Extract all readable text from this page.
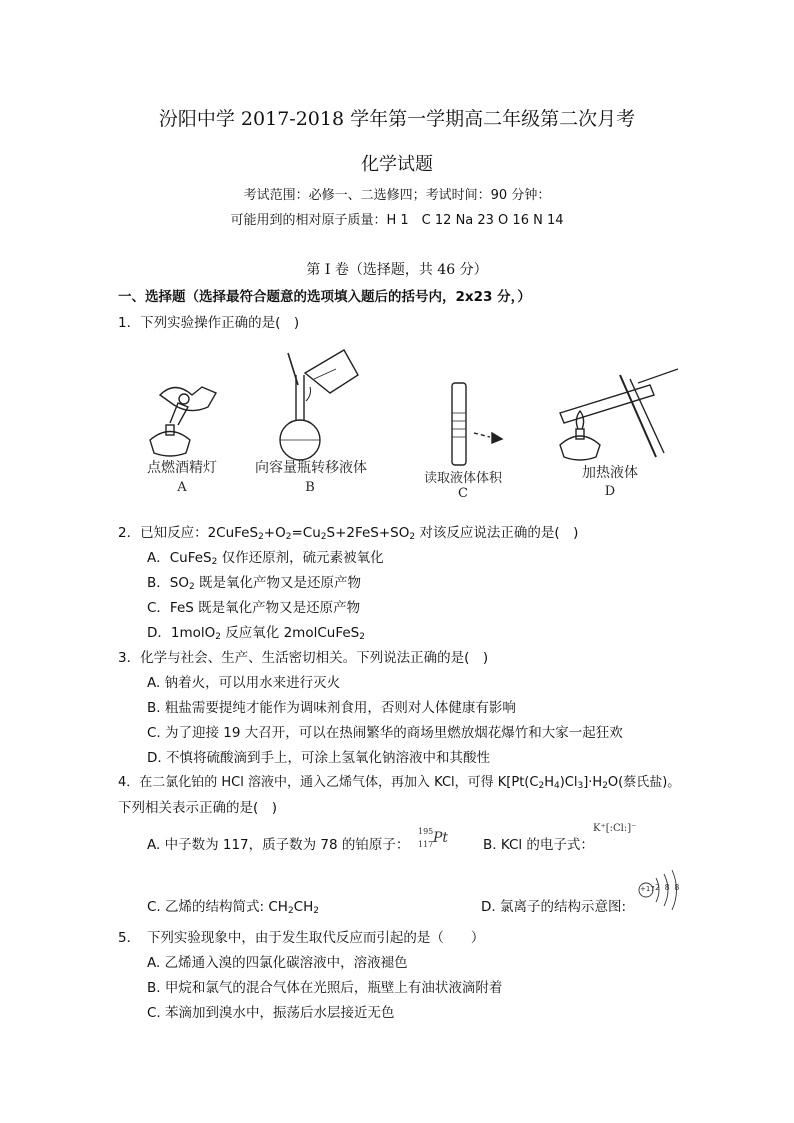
汾阳中学 2017-2018 学年第一学期高二年级第二次月考
化学试题
考试范围：必修一、二选修四；考试时间：90 分钟：
可能用到的相对原子质量：H 1　C 12 Na 23 O 16 N 14
第 I 卷（选择题，共 46 分）
一、选择题（选择最符合题意的选项填入题后的括号内，2x23 分，）
1．下列实验操作正确的是(　)
点燃酒精灯	向容量瓶转移液体
读取液体体积	加热液体
A	B	C	D
2．已知反应：$2CuFeS_2+O_2=Cu_2S+2FeS+SO_2$ 对该反应说法正确的是(　)
A．CuFeS$_2$ 仅作还原剂，硫元素被氧化
B．$SO_2$ 既是氧化产物又是还原产物
C．FeS 既是氧化产物又是还原产物
D．1molO$_2$ 反应氧化 2molCuFeS$_2$
3．化学与社会、生产、生活密切相关。下列说法正确的是(　)
A. 钠着火，可以用水来进行灭火
B. 粗盐需要提纯才能作为调味剂食用，否则对人体健康有影响
C. 为了迎接 19 大召开，可以在热闹繁华的商场里燃放烟花爆竹和大家一起狂欢
D. 不慎将硫酸滴到手上，可涂上氢氧化钠溶液中和其酸性
4．在二氯化铂的 HCl 溶液中，通入乙烯气体，再加入 KCl，可得 $K[Pt(C_2H_4)Cl_3]\cdot H_2O$(蔡氏盐)。
下列相关表示正确的是(　)
A. 中子数为 117，质子数为 78 的铂原子：
195
117 Pt	B. KCl 的电子式：
K⁺[:Cl:]⁻
C. 乙烯的结构简式: $CH_2CH_2$	D. 氯离子的结构示意图:
+17 2 8 8
5．　下列实验现象中，由于发生取代反应而引起的是（　　）
A. 乙烯通入溴的四氯化碳溶液中，溶液褪色
B. 甲烷和氯气的混合气体在光照后，瓶壁上有油状液滴附着
C. 苯滴加到溴水中，振荡后水层接近无色
